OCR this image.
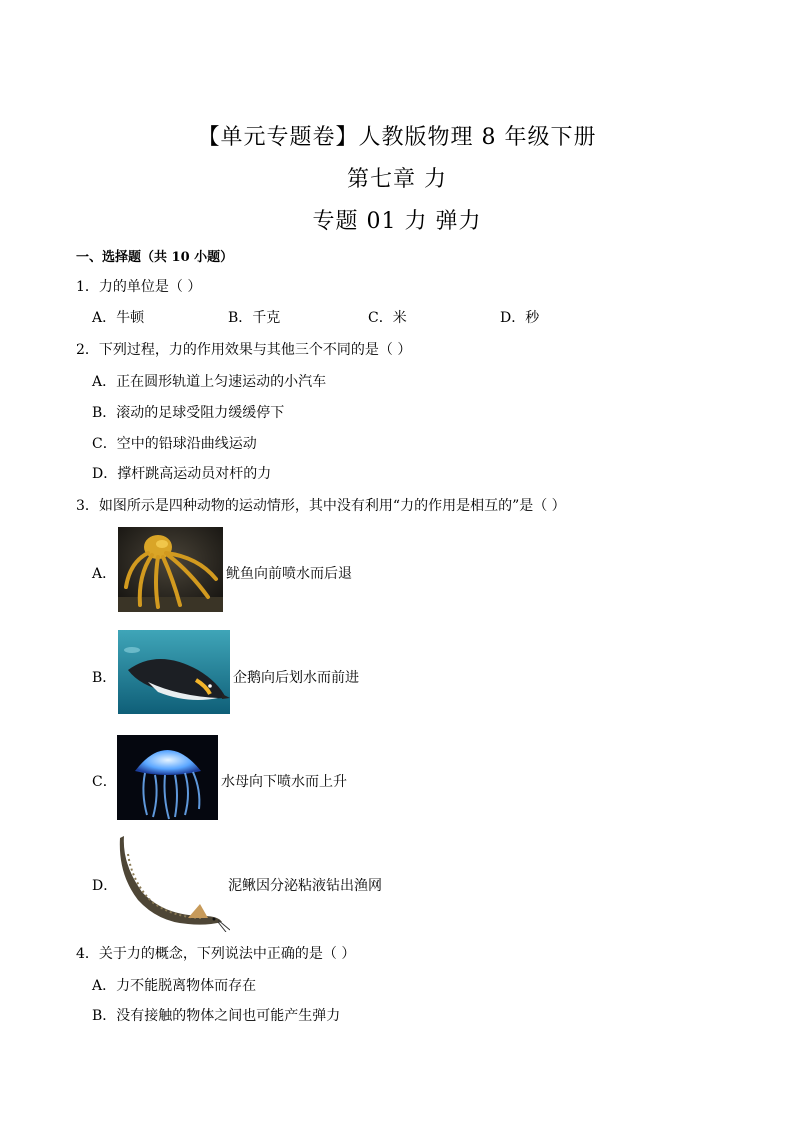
【单元专题卷】人教版物理 8 年级下册
第七章 力
专题 01 力 弹力
一、选择题（共 10 小题）
1．力的单位是（ ）
A．牛顿	B．千克	C．米	D．秒
2．下列过程，力的作用效果与其他三个不同的是（ ）
A．正在圆形轨道上匀速运动的小汽车
B．滚动的足球受阻力缓缓停下
C．空中的铅球沿曲线运动
D．撑杆跳高运动员对杆的力
3．如图所示是四种动物的运动情形，其中没有利用“力的作用是相互的”是（ ）
A．	鱿鱼向前喷水而后退
B．	企鹅向后划水而前进
C．	水母向下喷水而上升
D．	泥鳅因分泌粘液钻出渔网
4．关于力的概念，下列说法中正确的是（ ）
A．力不能脱离物体而存在
B．没有接触的物体之间也可能产生弹力
